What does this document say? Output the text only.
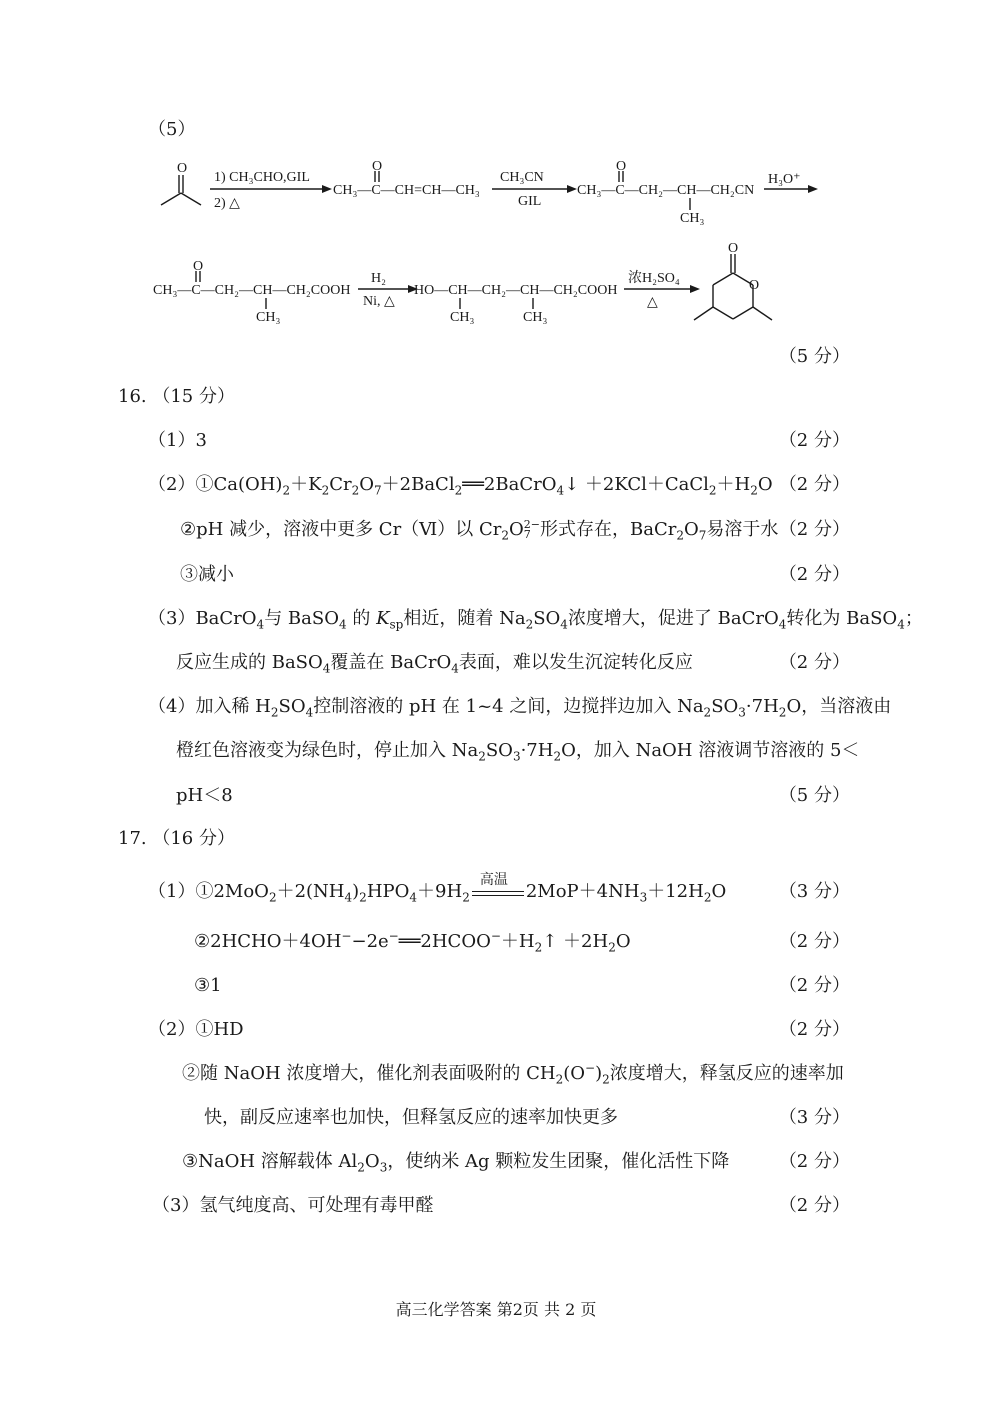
（5）
O
1) CH₃CHO,GIL
2) △
O
CH₃—C—CH=CH—CH₃
CH₃CN
GIL
O
CH₃—C—CH₂—CH—CH₂CN
CH₃
H₃O⁺
O
CH₃—C—CH₂—CH—CH₂COOH
CH₃
H₂
Ni, △
HO—CH—CH₂—CH—CH₂COOH
CH₃	CH₃
浓H₂SO₄
△
O
O
（5 分）
16. （15 分）
（1）3	（2 分）
$(2)①Ca(OH)_2+K_2Cr_2O_7+2BaCl_2══2BaCrO_4↓$ $+2KCl+CaCl_2+H_2O$ （2 分）
②pH 减少，溶液中更多 Cr（Ⅵ）以 $Cr_2O$ 2−
7 形式存在，$BaCr_2O_7$易溶于水 （2 分）
③减小	（2 分）
（3）BaCrO$_4$与 BaSO$_4$ 的 $K_{sp}$相近，随着 $Na_2SO_4$浓度增大，促进了 BaCrO$_4$转化为 BaSO$_4$；
反应生成的 BaSO$_4$覆盖在 BaCrO$_4$表面，难以发生沉淀转化反应	（2 分）
（4）加入稀 $H_2SO_4$控制溶液的 pH 在 1~4 之间，边搅拌边加入 $Na_2SO_3\cdot 7H_2O$，当溶液由
橙红色溶液变为绿色时，停止加入 $Na_2SO_3\cdot 7H_2O$，加入 NaOH 溶液调节溶液的 5＜
pH＜8	（5 分）
17. （16 分）
$(1)①2MoO_2+2(NH_4)_2HPO_4+9H_2$
高温
$2MoP+4NH_3+12H_2O$	（3 分）
$②2HCHO+4OH^--2e^-══2HCOO^-+H_2↑ +2H_2O$	（2 分）
③1	（2 分）
（2）①HD	（2 分）
②随 NaOH 浓度增大，催化剂表面吸附的 $CH_2(O^-)_2$浓度增大，释氢反应的速率加
快，副反应速率也加快，但释氢反应的速率加快更多	（3 分）
③NaOH 溶解载体 $Al_2O_3$，使纳米 Ag 颗粒发生团聚，催化活性下降	（2 分）
（3）氢气纯度高、可处理有毒甲醛	（2 分）
高三化学答案 第2页 共 2 页
